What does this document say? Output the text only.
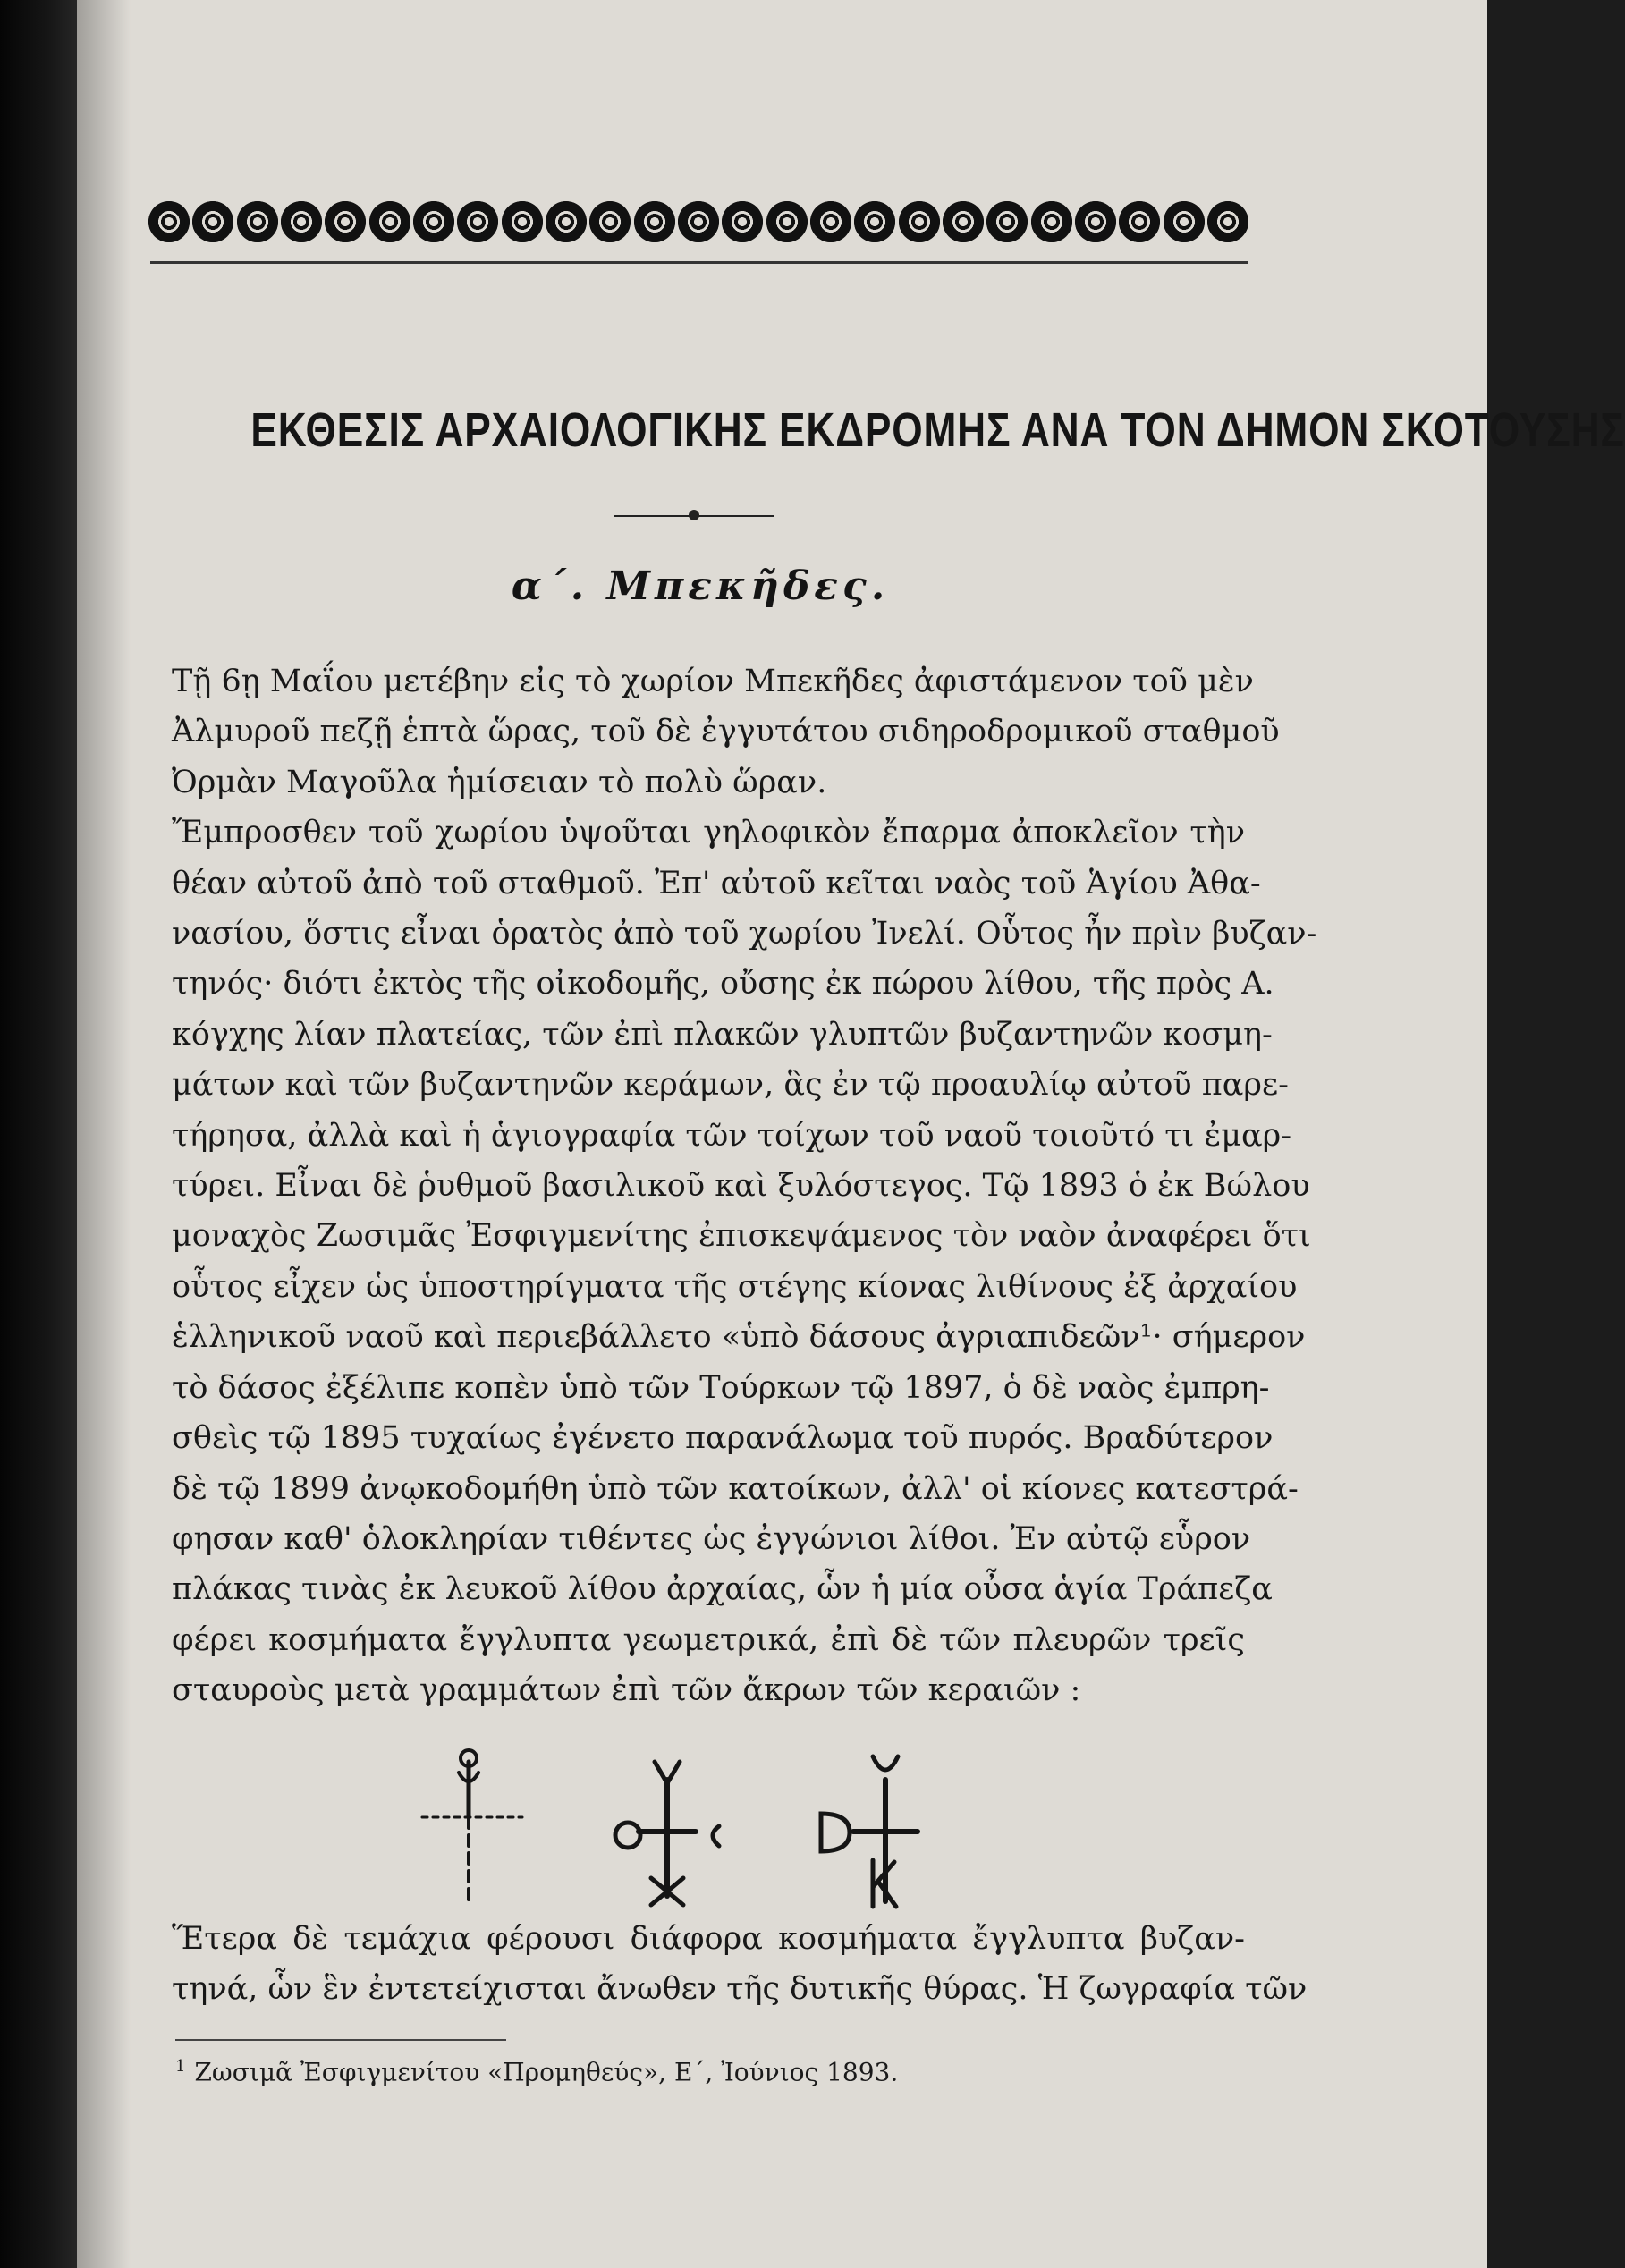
ΕΚΘΕΣΙΣ ΑΡΧΑΙΟΛΟΓΙΚΗΣ ΕΚΔΡΟΜΗΣ ΑΝΑ ΤΟΝ ΔΗΜΟΝ ΣΚΟΤΟΥΣΗΣ
α΄. Μπεκῆδες.
Τῇ 6ῃ Μαΐου μετέβην εἰς τὸ χωρίον Μπεκῆδες ἀφιστάμενον τοῦ μὲν
Ἀλμυροῦ πεζῇ ἑπτὰ ὥρας, τοῦ δὲ ἐγγυτάτου σιδηροδρομικοῦ σταθμοῦ
Ὀρμὰν Μαγοῦλα ἡμίσειαν τὸ πολὺ ὥραν.
Ἔμπροσθεν τοῦ χωρίου ὑψοῦται γηλοφικὸν ἔπαρμα ἀποκλεῖον τὴν
θέαν αὐτοῦ ἀπὸ τοῦ σταθμοῦ. Ἐπ' αὐτοῦ κεῖται ναὸς τοῦ Ἁγίου Ἀθα-
νασίου, ὅστις εἶναι ὁρατὸς ἀπὸ τοῦ χωρίου Ἰνελί. Οὗτος ἦν πρὶν βυζαν-
τηνός· διότι ἐκτὸς τῆς οἰκοδομῆς, οὔσης ἐκ πώρου λίθου, τῆς πρὸς Α.
κόγχης λίαν πλατείας, τῶν ἐπὶ πλακῶν γλυπτῶν βυζαντηνῶν κοσμη-
μάτων καὶ τῶν βυζαντηνῶν κεράμων, ἃς ἐν τῷ προαυλίῳ αὐτοῦ παρε-
τήρησα, ἀλλὰ καὶ ἡ ἁγιογραφία τῶν τοίχων τοῦ ναοῦ τοιοῦτό τι ἐμαρ-
τύρει. Εἶναι δὲ ῥυθμοῦ βασιλικοῦ καὶ ξυλόστεγος. Τῷ 1893 ὁ ἐκ Βώλου
μοναχὸς Ζωσιμᾶς Ἐσφιγμενίτης ἐπισκεψάμενος τὸν ναὸν ἀναφέρει ὅτι
οὗτος εἶχεν ὡς ὑποστηρίγματα τῆς στέγης κίονας λιθίνους ἐξ ἀρχαίου
ἑλληνικοῦ ναοῦ καὶ περιεβάλλετο «ὑπὸ δάσους ἀγριαπιδεῶν¹· σήμερον
τὸ δάσος ἐξέλιπε κοπὲν ὑπὸ τῶν Τούρκων τῷ 1897, ὁ δὲ ναὸς ἐμπρη-
σθεὶς τῷ 1895 τυχαίως ἐγένετο παρανάλωμα τοῦ πυρός. Βραδύτερον
δὲ τῷ 1899 ἀνῳκοδομήθη ὑπὸ τῶν κατοίκων, ἀλλ' οἱ κίονες κατεστρά-
φησαν καθ' ὁλοκληρίαν τιθέντες ὡς ἐγγώνιοι λίθοι. Ἐν αὐτῷ εὗρον
πλάκας τινὰς ἐκ λευκοῦ λίθου ἀρχαίας, ὧν ἡ μία οὖσα ἁγία Τράπεζα
φέρει κοσμήματα ἔγγλυπτα γεωμετρικά, ἐπὶ δὲ τῶν πλευρῶν τρεῖς
σταυροὺς μετὰ γραμμάτων ἐπὶ τῶν ἄκρων τῶν κεραιῶν :
Ἕτερα δὲ τεμάχια φέρουσι διάφορα κοσμήματα ἔγγλυπτα βυζαν-
τηνά, ὧν ἓν ἐντετείχισται ἄνωθεν τῆς δυτικῆς θύρας. Ἡ ζωγραφία τῶν
$^1$ Ζωσιμᾶ Ἐσφιγμενίτου «Προμηθεύς», Ε΄, Ἰούνιος 1893.
